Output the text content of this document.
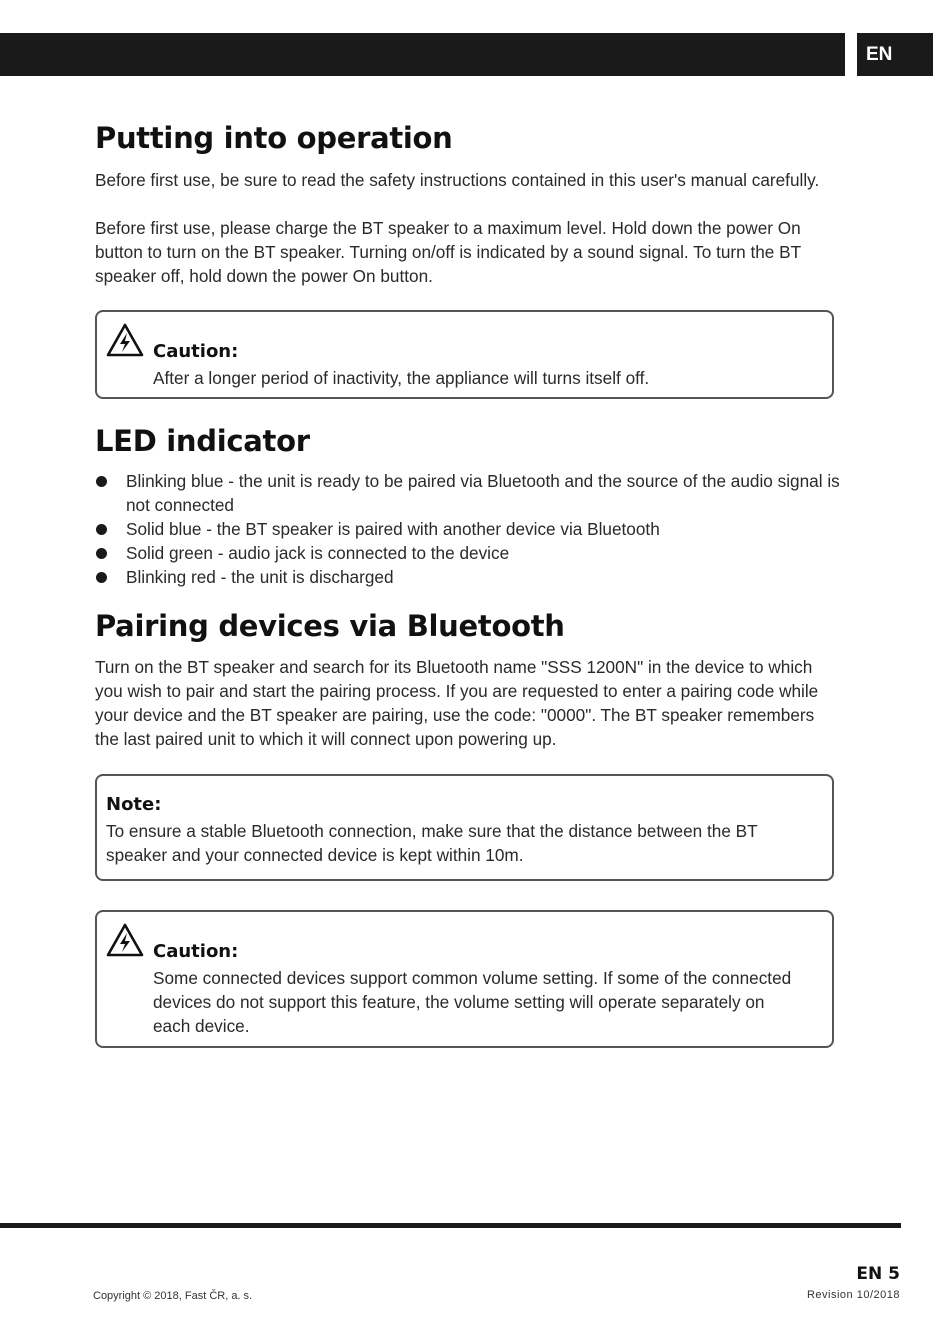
EN
Putting into operation

Before first use, be sure to read the safety instructions contained in this user's manual carefully.

Before first use, please charge the BT speaker to a maximum level. Hold down the power On button to turn on the BT speaker. Turning on/off is indicated by a sound signal. To turn the BT speaker off, hold down the power On button.

Caution:

After a longer period of inactivity, the appliance will turns itself off.

LED indicator
Blinking blue - the unit is ready to be paired via Bluetooth and the source of the audio signal is not connected
Solid blue - the BT speaker is paired with another device via Bluetooth
Solid green - audio jack is connected to the device
Blinking red - the unit is discharged
Pairing devices via Bluetooth

Turn on the BT speaker and search for its Bluetooth name "SSS 1200N" in the device to which you wish to pair and start the pairing process. If you are requested to enter a pairing code while your device and the BT speaker are pairing, use the code: "0000". The BT speaker remembers the last paired unit to which it will connect upon powering up.

Note:

To ensure a stable Bluetooth connection, make sure that the distance between the BT speaker and your connected device is kept within 10m.

Caution:

Some connected devices support common volume setting. If some of the connected devices do not support this feature, the volume setting will operate separately on each device.

EN 5
Copyright © 2018, Fast ČR, a. s.	Revision 10/2018
